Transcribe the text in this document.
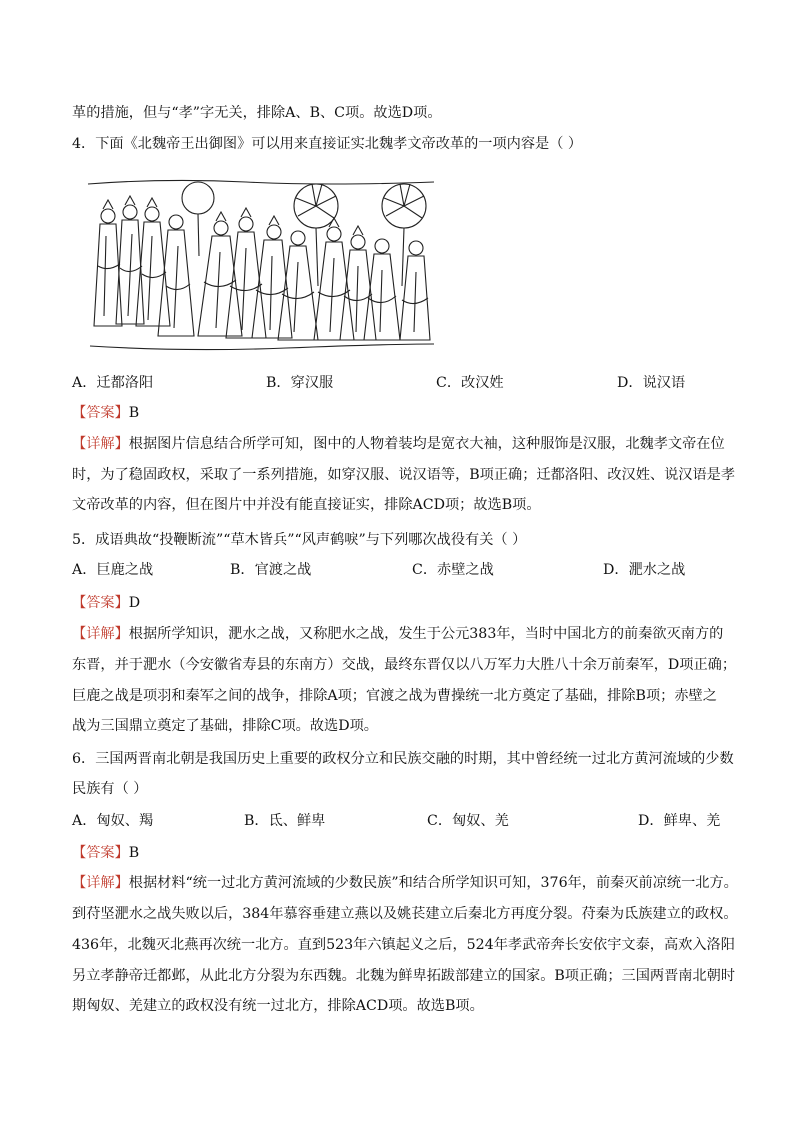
革的措施，但与“孝”字无关，排除A、B、C项。故选D项。
4．下面《北魏帝王出御图》可以用来直接证实北魏孝文帝改革的一项内容是（ ）
A．迁都洛阳	B．穿汉服	C．改汉姓	D．说汉语
【答案】B
【详解】根据图片信息结合所学可知，图中的人物着装均是宽衣大袖，这种服饰是汉服，北魏孝文帝在位
时，为了稳固政权，采取了一系列措施，如穿汉服、说汉语等，B项正确；迁都洛阳、改汉姓、说汉语是孝
文帝改革的内容，但在图片中并没有能直接证实，排除ACD项；故选B项。
5．成语典故“投鞭断流”“草木皆兵”“风声鹤唳”与下列哪次战役有关（ ）
A．巨鹿之战	B．官渡之战	C．赤壁之战	D．淝水之战
【答案】D
【详解】根据所学知识，淝水之战，又称肥水之战，发生于公元383年，当时中国北方的前秦欲灭南方的
东晋，并于淝水（今安徽省寿县的东南方）交战，最终东晋仅以八万军力大胜八十余万前秦军，D项正确；
巨鹿之战是项羽和秦军之间的战争，排除A项；官渡之战为曹操统一北方奠定了基础，排除B项；赤壁之
战为三国鼎立奠定了基础，排除C项。故选D项。
6．三国两晋南北朝是我国历史上重要的政权分立和民族交融的时期，其中曾经统一过北方黄河流域的少数
民族有（ ）
A．匈奴、羯	B．氐、鲜卑	C．匈奴、羌	D．鲜卑、羌
【答案】B
【详解】根据材料“统一过北方黄河流域的少数民族”和结合所学知识可知，376年，前秦灭前凉统一北方。
到苻坚淝水之战失败以后，384年慕容垂建立燕以及姚苌建立后秦北方再度分裂。苻秦为氐族建立的政权。
436年，北魏灭北燕再次统一北方。直到523年六镇起义之后，524年孝武帝奔长安依宇文泰，高欢入洛阳
另立孝静帝迁都邺，从此北方分裂为东西魏。北魏为鲜卑拓跋部建立的国家。B项正确；三国两晋南北朝时
期匈奴、羌建立的政权没有统一过北方，排除ACD项。故选B项。
